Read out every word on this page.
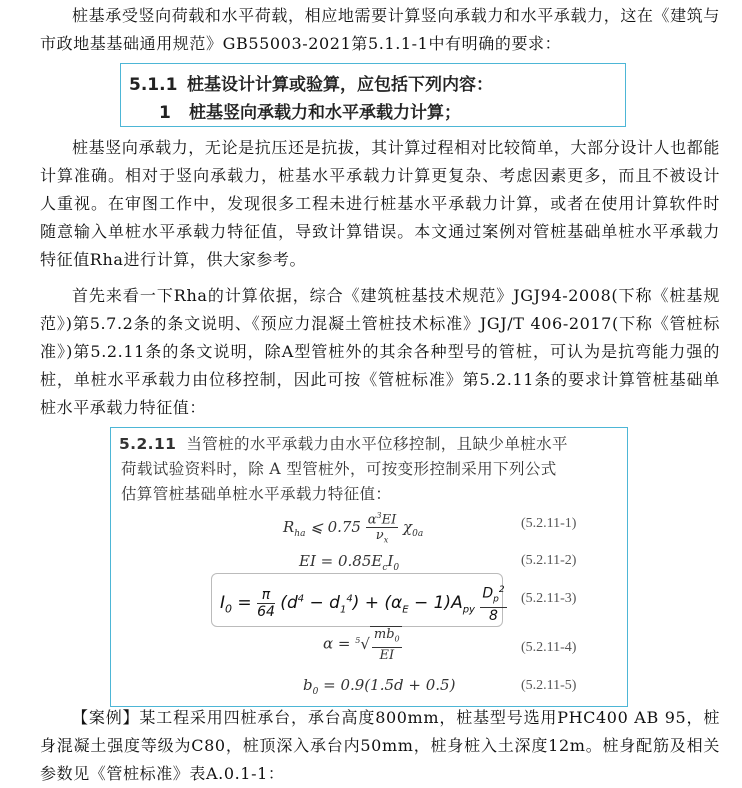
桩基承受竖向荷载和水平荷载，相应地需要计算竖向承载力和水平承载力，这在《建筑与市政地基基础通用规范》GB55003-2021第5.1.1-1中有明确的要求：

5.1.1 桩基设计计算或验算，应包括下列内容：
1 桩基竖向承载力和水平承载力计算；

桩基竖向承载力，无论是抗压还是抗拔，其计算过程相对比较简单，大部分设计人也都能计算准确。相对于竖向承载力，桩基水平承载力计算更复杂、考虑因素更多，而且不被设计人重视。在审图工作中，发现很多工程未进行桩基水平承载力计算，或者在使用计算软件时随意输入单桩水平承载力特征值，导致计算错误。本文通过案例对管桩基础单桩水平承载力特征值Rha进行计算，供大家参考。

首先来看一下Rha的计算依据，综合《建筑桩基技术规范》JGJ94-2008(下称《桩基规范》)第5.7.2条的条文说明、《预应力混凝土管桩技术标准》JGJ/T 406-2017(下称《管桩标准》)第5.2.11条的条文说明，除A型管桩外的其余各种型号的管桩，可认为是抗弯能力强的桩，单桩水平承载力由位移控制，因此可按《管桩标准》第5.2.11条的要求计算管桩基础单桩水平承载力特征值：

5.2.11 当管桩的水平承载力由水平位移控制，且缺少单桩水平
荷载试验资料时，除 A 型管桩外，可按变形控制采用下列公式
估算管桩基础单桩水平承载力特征值：
$R_{ha}$ ⩽ $0.75 \frac{\alpha^3EI}{\nu_x} \chi_{0a}$
(5.2.11-1)
EI = $0.85E_cI_0$	(5.2.11-2)
$I_0 = \frac{\pi}{64} (d^4 - d_1^4) + (\alpha_E - 1)A_{py} \frac{D_p^2}{8} (5.2.11-3)$
$\alpha = ^5√ \frac{mb_0}{EI}$	(5.2.11-4)
$b_0 = 0.9(1.5d + 0.5)$	(5.2.11-5)

【案例】某工程采用四桩承台，承台高度800mm，桩基型号选用PHC400 AB 95，桩身混凝土强度等级为C80，桩顶深入承台内50mm，桩身桩入土深度12m。桩身配筋及相关参数见《管桩标准》表A.0.1-1：
